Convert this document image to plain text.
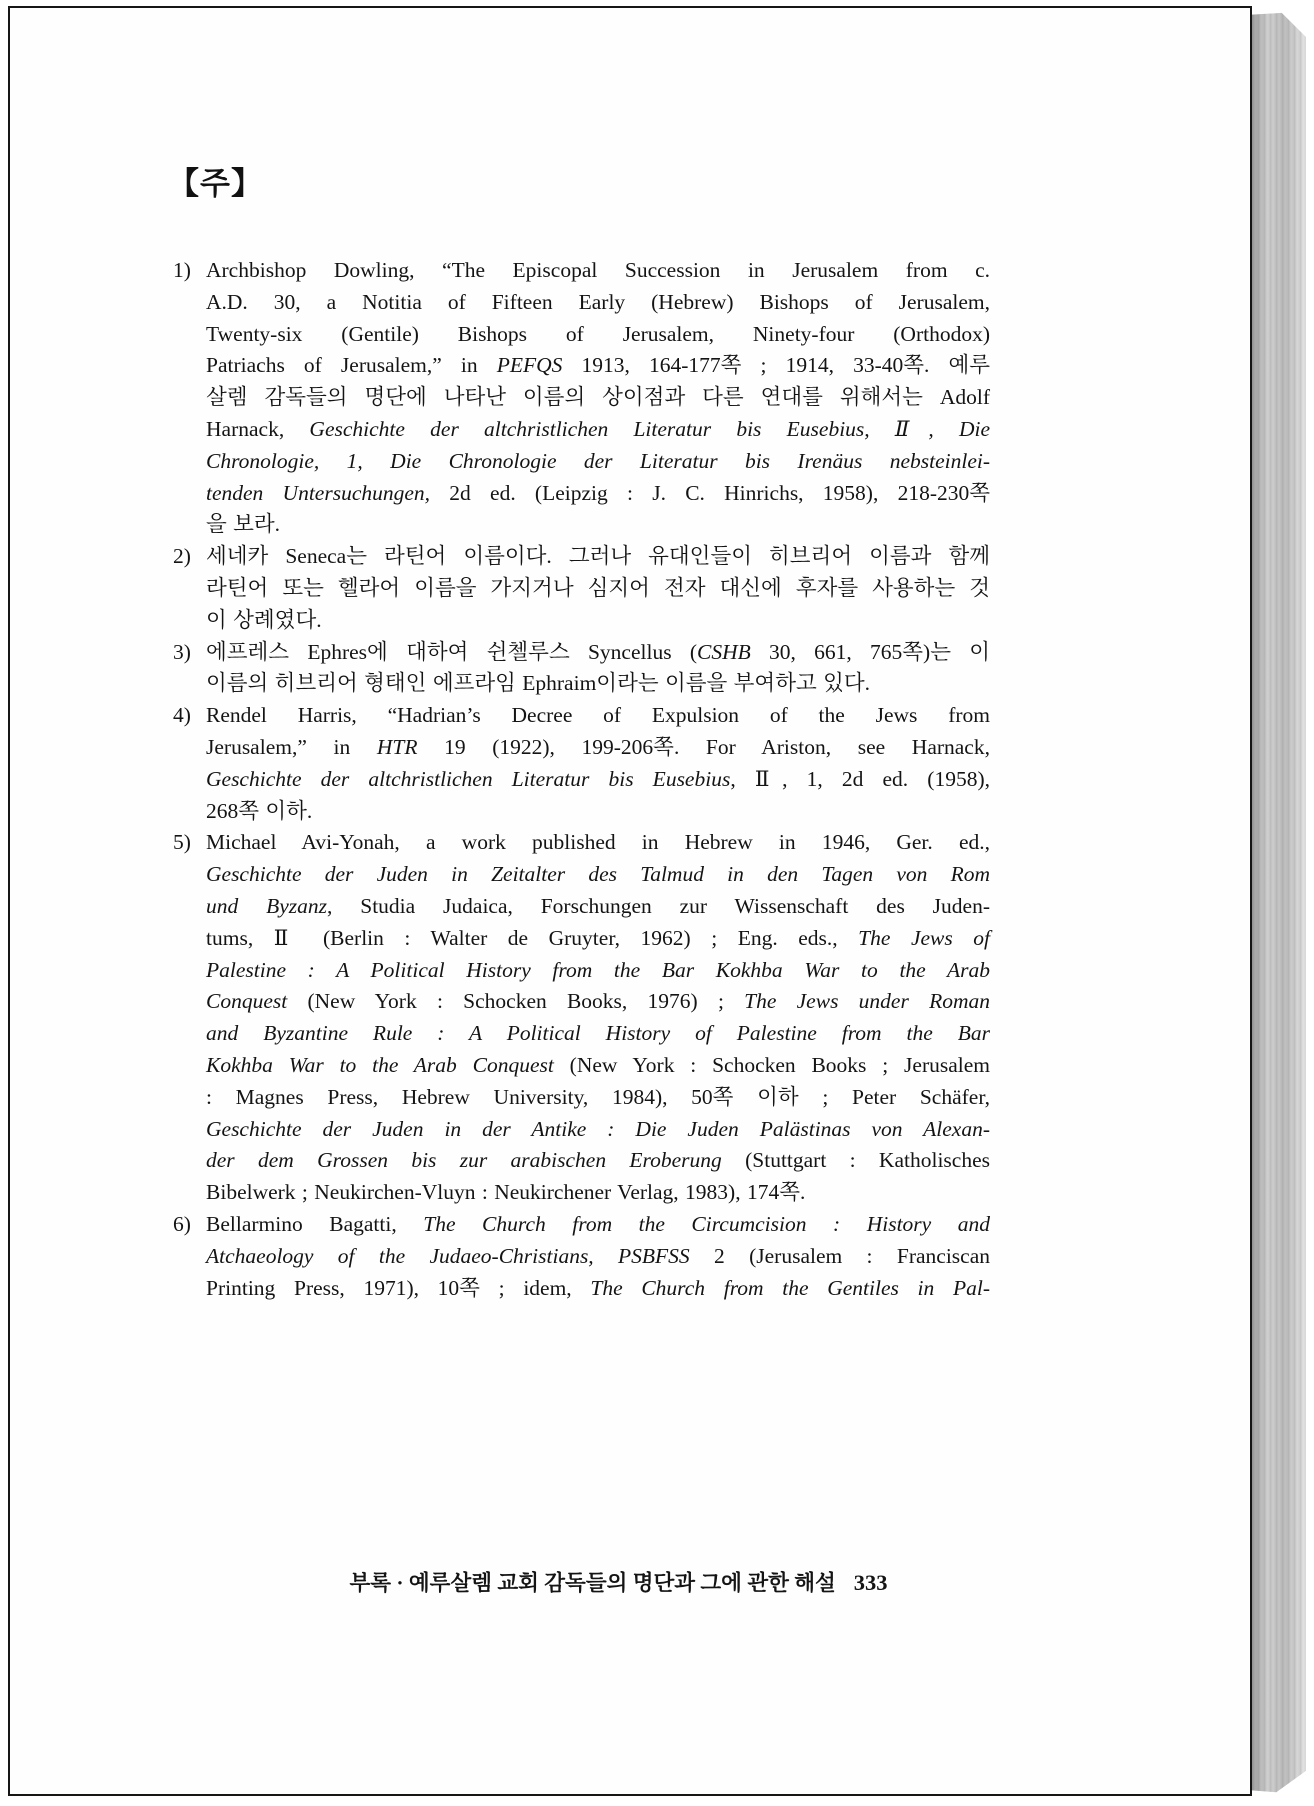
【주】
1) Archbishop Dowling, “The Episcopal Succession in Jerusalem from c.
A.D. 30, a Notitia of Fifteen Early (Hebrew) Bishops of Jerusalem,
Twenty-six (Gentile) Bishops of Jerusalem, Ninety-four (Orthodox)
Patriachs of Jerusalem,” in PEFQS 1913, 164-177쪽 ; 1914, 33-40쪽. 예루
살렘 감독들의 명단에 나타난 이름의 상이점과 다른 연대를 위해서는 Adolf
Harnack, Geschichte der altchristlichen Literatur bis Eusebius, Ⅱ, Die
Chronologie, 1, Die Chronologie der Literatur bis Irenäus nebsteinlei-
tenden Untersuchungen, 2d ed. (Leipzig : J. C. Hinrichs, 1958), 218-230쪽
을 보라.
2) 세네카 Seneca는 라틴어 이름이다. 그러나 유대인들이 히브리어 이름과 함께
라틴어 또는 헬라어 이름을 가지거나 심지어 전자 대신에 후자를 사용하는 것
이 상례였다.
3) 에프레스 Ephres에 대하여 쉰첼루스 Syncellus (CSHB 30, 661, 765쪽)는 이
이름의 히브리어 형태인 에프라임 Ephraim이라는 이름을 부여하고 있다.
4) Rendel Harris, “Hadrian’s Decree of Expulsion of the Jews from
Jerusalem,” in HTR 19 (1922), 199-206쪽. For Ariston, see Harnack,
Geschichte der altchristlichen Literatur bis Eusebius, Ⅱ, 1, 2d ed. (1958),
268쪽 이하.
5) Michael Avi-Yonah, a work published in Hebrew in 1946, Ger. ed.,
Geschichte der Juden in Zeitalter des Talmud in den Tagen von Rom
und Byzanz, Studia Judaica, Forschungen zur Wissenschaft des Juden-
tums, Ⅱ (Berlin : Walter de Gruyter, 1962) ; Eng. eds., The Jews of
Palestine : A Political History from the Bar Kokhba War to the Arab
Conquest (New York : Schocken Books, 1976) ; The Jews under Roman
and Byzantine Rule : A Political History of Palestine from the Bar
Kokhba War to the Arab Conquest (New York : Schocken Books ; Jerusalem
: Magnes Press, Hebrew University, 1984), 50쪽 이하 ; Peter Schäfer,
Geschichte der Juden in der Antike : Die Juden Palästinas von Alexan-
der dem Grossen bis zur arabischen Eroberung (Stuttgart : Katholisches
Bibelwerk ; Neukirchen-Vluyn : Neukirchener Verlag, 1983), 174쪽.
6) Bellarmino Bagatti, The Church from the Circumcision : History and
Atchaeology of the Judaeo-Christians, PSBFSS 2 (Jerusalem : Franciscan
Printing Press, 1971), 10쪽 ; idem, The Church from the Gentiles in Pal-
부록 · 예루살렘 교회 감독들의 명단과 그에 관한 해설 333
